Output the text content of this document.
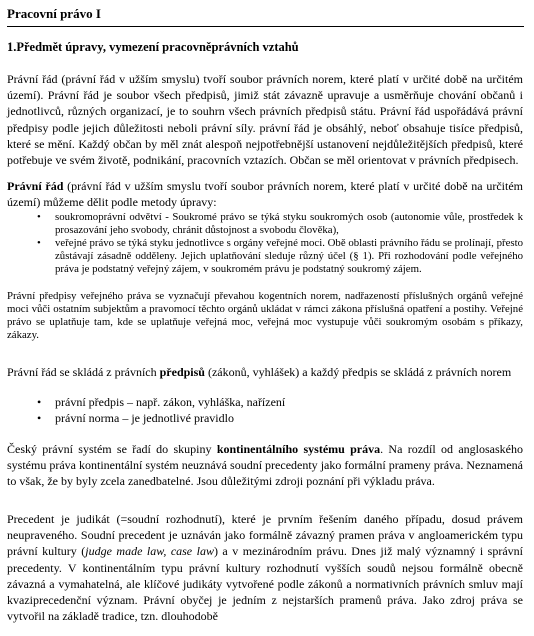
Pracovní právo I
1.Předmět úpravy, vymezení pracovněprávních vztahů

Právní řád (právní řád v užším smyslu) tvoří soubor právních norem, které platí v určité době na určitém území). Právní řád je soubor všech předpisů, jimiž stát závazně upravuje a usměrňuje chování občanů i jednotlivců, různých organizací, je to souhrn všech právních předpisů státu. Právní řád uspořádává právní předpisy podle jejich důležitosti neboli právní síly. právní řád je obsáhlý, neboť obsahuje tisíce předpisů, které se mění. Každý občan by měl znát alespoň nejpotřebnější ustanovení nejdůležitějších předpisů, které potřebuje ve svém životě, podnikání, pracovních vztazích. Občan se měl orientovat v právních předpisech.

Právní řád (právní řád v užším smyslu tvoří soubor právních norem, které platí v určité době na určitém území) můžeme dělit podle metody úpravy:

• soukromoprávní odvětví - Soukromé právo se týká styku soukromých osob (autonomie vůle, prostředek k prosazování jeho svobody, chránit důstojnost a svobodu člověka),
• veřejné právo se týká styku jednotlivce s orgány veřejné moci. Obě oblasti právního řádu se prolínají, přesto zůstávají zásadně odděleny. Jejich uplatňování sleduje různý účel (§ 1). Při rozhodování podle veřejného práva je podstatný veřejný zájem, v soukromém právu je podstatný soukromý zájem.

Právní předpisy veřejného práva se vyznačují převahou kogentních norem, nadřazeností příslušných orgánů veřejné moci vůči ostatním subjektům a pravomocí těchto orgánů ukládat v rámci zákona příslušná opatření a postihy. Veřejné právo se uplatňuje tam, kde se uplatňuje veřejná moc, veřejná moc vystupuje vůči soukromým osobám s příkazy, zákazy.

Právní řád se skládá z právních předpisů (zákonů, vyhlášek) a každý předpis se skládá z právních norem

• právní předpis – např. zákon, vyhláška, nařízení
• právní norma – je jednotlivé pravidlo

Český právní systém se řadí do skupiny kontinentálního systému práva. Na rozdíl od anglosaského systému práva kontinentální systém neuznává soudní precedenty jako formální prameny práva. Neznamená to však, že by byly zcela zanedbatelné. Jsou důležitými zdroji poznání při výkladu práva.

Precedent je judikát (=soudní rozhodnutí), které je prvním řešením daného případu, dosud právem neupraveného. Soudní precedent je uznáván jako formálně závazný pramen práva v angloamerickém typu právní kultury (judge made law, case law) a v mezinárodním právu. Dnes již malý významný i správní precedenty. V kontinentálním typu právní kultury rozhodnutí vyšších soudů nejsou formálně obecně závazná a vymahatelná, ale klíčové judikáty vytvořené podle zákonů a normativních právních smluv mají kvaziprecedenční význam. Právní obyčej je jedním z nejstarších pramenů práva. Jako zdroj práva se vytvořil na základě tradice, tzn. dlouhodobě
